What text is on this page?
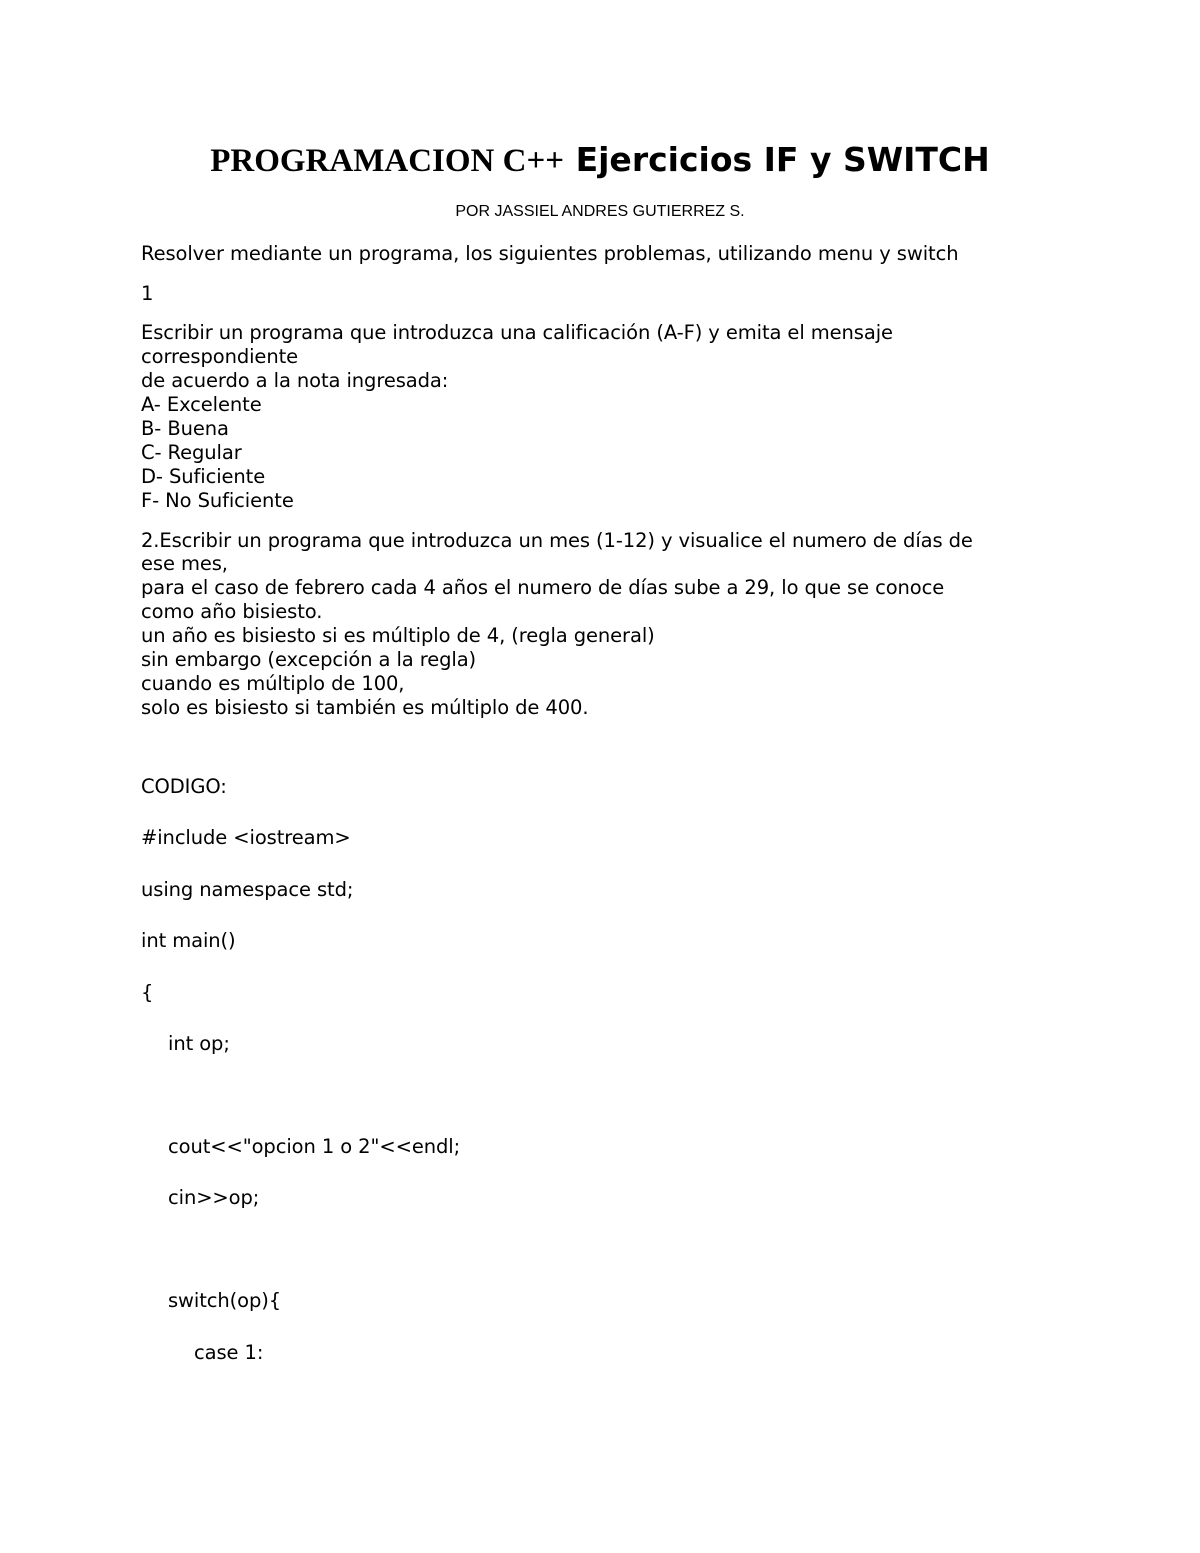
PROGRAMACION C++ Ejercicios IF y SWITCH
POR JASSIEL ANDRES GUTIERREZ S.
Resolver mediante un programa, los siguientes problemas, utilizando menu y switch
1
Escribir un programa que introduzca una calificación (A-F) y emita el mensaje
correspondiente
de acuerdo a la nota ingresada:
A- Excelente
B- Buena
C- Regular
D- Suficiente
F- No Suficiente
2.Escribir un programa que introduzca un mes (1-12) y visualice el numero de días de
ese mes,
para el caso de febrero cada 4 años el numero de días sube a 29, lo que se conoce
como año bisiesto.
un año es bisiesto si es múltiplo de 4, (regla general)
sin embargo (excepción a la regla)
cuando es múltiplo de 100,
solo es bisiesto si también es múltiplo de 400.
CODIGO:
#include <iostream>
using namespace std;
int main()
{
int op;
cout<<"opcion 1 o 2"<<endl;
cin>>op;
switch(op){
case 1:
